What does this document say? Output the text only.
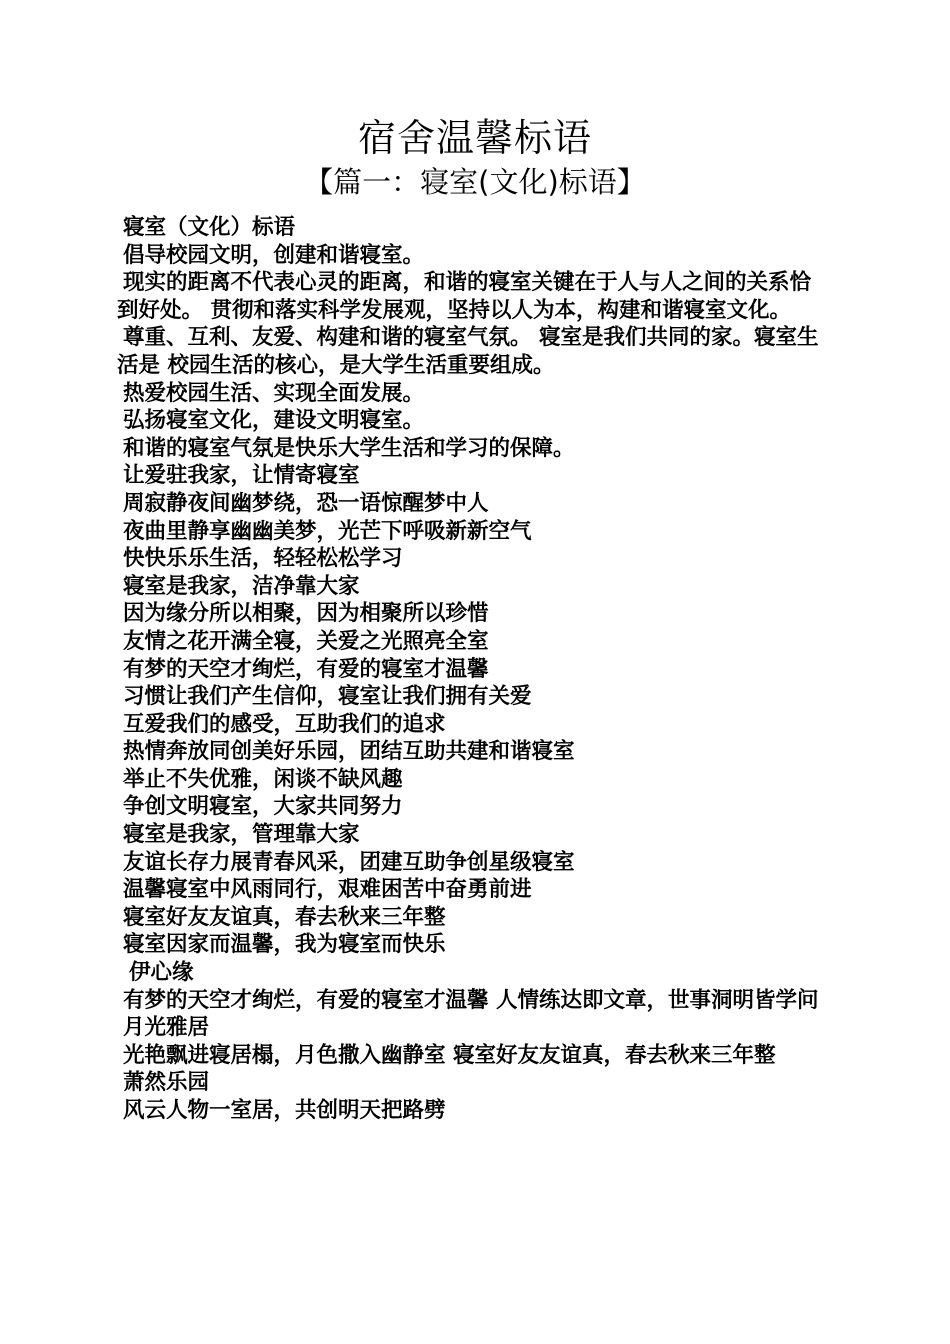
宿舍温馨标语
【篇一：寝室(文化)标语】

寝室（文化）标语

倡导校园文明，创建和谐寝室。

现实的距离不代表心灵的距离，和谐的寝室关键在于人与人之间的关系恰到好处。 贯彻和落实科学发展观，坚持以人为本，构建和谐寝室文化。

尊重、互利、友爱、构建和谐的寝室气氛。 寝室是我们共同的家。寝室生活是 校园生活的核心，是大学生活重要组成。

热爱校园生活、实现全面发展。

弘扬寝室文化，建设文明寝室。

和谐的寝室气氛是快乐大学生活和学习的保障。

让爱驻我家，让情寄寝室

周寂静夜间幽梦绕，恐一语惊醒梦中人

夜曲里静享幽幽美梦，光芒下呼吸新新空气

快快乐乐生活，轻轻松松学习

寝室是我家，洁净靠大家

因为缘分所以相聚，因为相聚所以珍惜

友情之花开满全寝，关爱之光照亮全室

有梦的天空才绚烂，有爱的寝室才温馨

习惯让我们产生信仰，寝室让我们拥有关爱

互爱我们的感受，互助我们的追求

热情奔放同创美好乐园，团结互助共建和谐寝室

举止不失优雅，闲谈不缺风趣

争创文明寝室，大家共同努力

寝室是我家，管理靠大家

友谊长存力展青春风采，团建互助争创星级寝室

温馨寝室中风雨同行，艰难困苦中奋勇前进

寝室好友友谊真，春去秋来三年整

寝室因家而温馨，我为寝室而快乐

伊心缘

有梦的天空才绚烂，有爱的寝室才温馨 人情练达即文章，世事洞明皆学问

月光雅居

光艳飘进寝居榻，月色撒入幽静室 寝室好友友谊真，春去秋来三年整

萧然乐园

风云人物一室居，共创明天把路劈
